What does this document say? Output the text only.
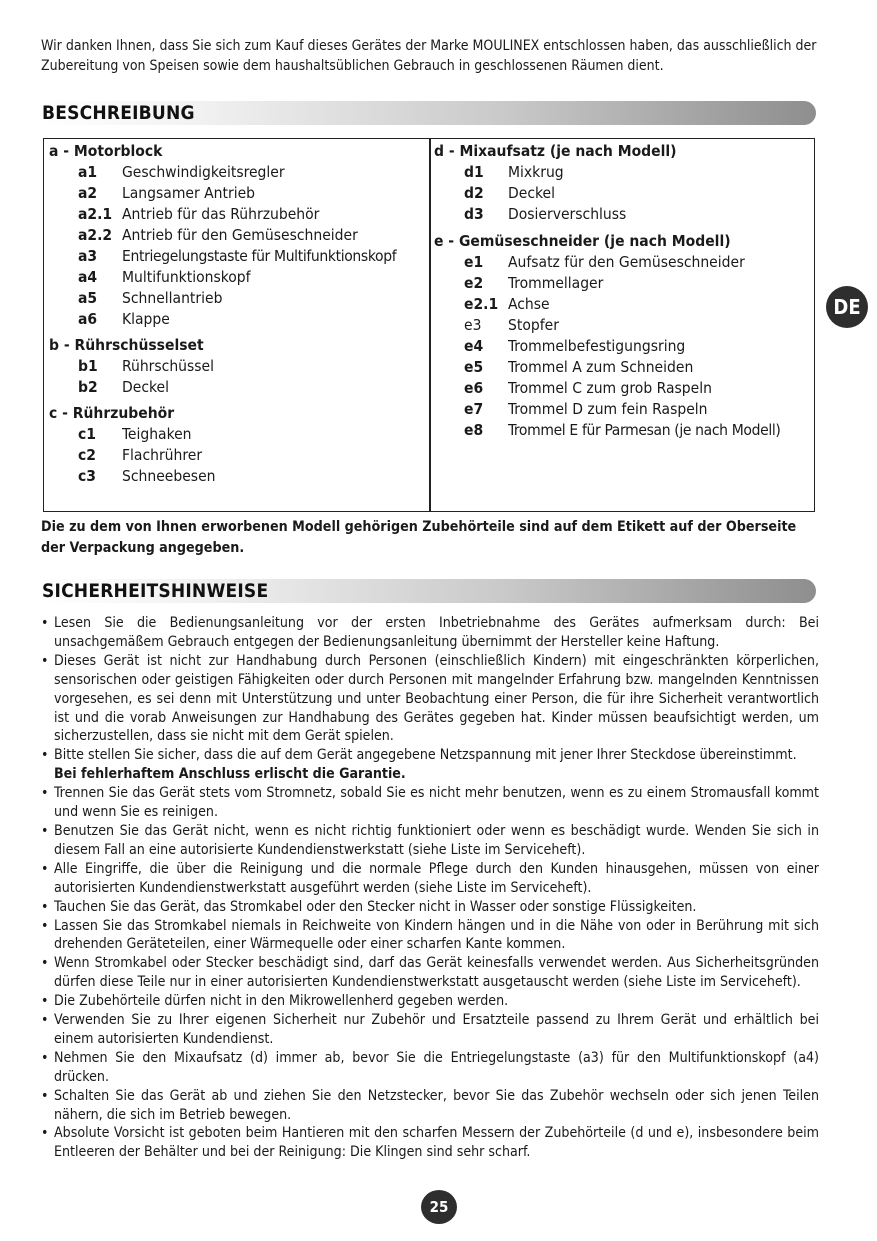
Wir danken Ihnen, dass Sie sich zum Kauf dieses Gerätes der Marke MOULINEX entschlossen haben, das ausschließlich der Zubereitung von Speisen sowie dem haushaltsüblichen Gebrauch in geschlossenen Räumen dient.
BESCHREIBUNG
a - Motorblock
a1	Geschwindigkeitsregler
a2	Langsamer Antrieb
a2.1 Antrieb für das Rührzubehör
a2.2 Antrieb für den Gemüseschneider
a3	Entriegelungstaste für Multifunktionskopf
a4	Multifunktionskopf
a5	Schnellantrieb
a6	Klappe
b - Rührschüsselset
b1	Rührschüssel
b2	Deckel
c - Rührzubehör
c1	Teighaken
c2	Flachrührer
c3	Schneebesen
d - Mixaufsatz (je nach Modell)
d1	Mixkrug
d2	Deckel
d3	Dosierverschluss
e - Gemüseschneider (je nach Modell)
e1	Aufsatz für den Gemüseschneider
e2	Trommellager
e2.1 Achse
e3	Stopfer
e4	Trommelbefestigungsring
e5	Trommel A zum Schneiden
e6	Trommel C zum grob Raspeln
e7	Trommel D zum fein Raspeln
e8	Trommel E für Parmesan (je nach Modell)
Die zu dem von Ihnen erworbenen Modell gehörigen Zubehörteile sind auf dem Etikett auf der Oberseite der Verpackung angegeben.
SICHERHEITSHINWEISE
• Lesen Sie die Bedienungsanleitung vor der ersten Inbetriebnahme des Gerätes aufmerksam durch: Bei unsachgemäßem Gebrauch entgegen der Bedienungsanleitung übernimmt der Hersteller keine Haftung.
• Dieses Gerät ist nicht zur Handhabung durch Personen (einschließlich Kindern) mit eingeschränkten körperlichen, sensorischen oder geistigen Fähigkeiten oder durch Personen mit mangelnder Erfahrung bzw. mangelnden Kenntnissen vorgesehen, es sei denn mit Unterstützung und unter Beobachtung einer Person, die für ihre Sicherheit verantwortlich ist und die vorab Anweisungen zur Handhabung des Gerätes gegeben hat. Kinder müssen beaufsichtigt werden, um sicherzustellen, dass sie nicht mit dem Gerät spielen.
• Bitte stellen Sie sicher, dass die auf dem Gerät angegebene Netzspannung mit jener Ihrer Steckdose übereinstimmt.
Bei fehlerhaftem Anschluss erlischt die Garantie.
• Trennen Sie das Gerät stets vom Stromnetz, sobald Sie es nicht mehr benutzen, wenn es zu einem Stromausfall kommt und wenn Sie es reinigen.
• Benutzen Sie das Gerät nicht, wenn es nicht richtig funktioniert oder wenn es beschädigt wurde. Wenden Sie sich in diesem Fall an eine autorisierte Kundendienstwerkstatt (siehe Liste im Serviceheft).
• Alle Eingriffe, die über die Reinigung und die normale Pflege durch den Kunden hinausgehen, müssen von einer autorisierten Kundendienstwerkstatt ausgeführt werden (siehe Liste im Serviceheft).
• Tauchen Sie das Gerät, das Stromkabel oder den Stecker nicht in Wasser oder sonstige Flüssigkeiten.
• Lassen Sie das Stromkabel niemals in Reichweite von Kindern hängen und in die Nähe von oder in Berührung mit sich drehenden Geräteteilen, einer Wärmequelle oder einer scharfen Kante kommen.
• Wenn Stromkabel oder Stecker beschädigt sind, darf das Gerät keinesfalls verwendet werden. Aus Sicherheitsgründen dürfen diese Teile nur in einer autorisierten Kundendienstwerkstatt ausgetauscht werden (siehe Liste im Serviceheft).
• Die Zubehörteile dürfen nicht in den Mikrowellenherd gegeben werden.
• Verwenden Sie zu Ihrer eigenen Sicherheit nur Zubehör und Ersatzteile passend zu Ihrem Gerät und erhältlich bei einem autorisierten Kundendienst.
• Nehmen Sie den Mixaufsatz (d) immer ab, bevor Sie die Entriegelungstaste (a3) für den Multifunktionskopf (a4) drücken.
• Schalten Sie das Gerät ab und ziehen Sie den Netzstecker, bevor Sie das Zubehör wechseln oder sich jenen Teilen nähern, die sich im Betrieb bewegen.
• Absolute Vorsicht ist geboten beim Hantieren mit den scharfen Messern der Zubehörteile (d und e), insbesondere beim Entleeren der Behälter und bei der Reinigung: Die Klingen sind sehr scharf.
DE
25
